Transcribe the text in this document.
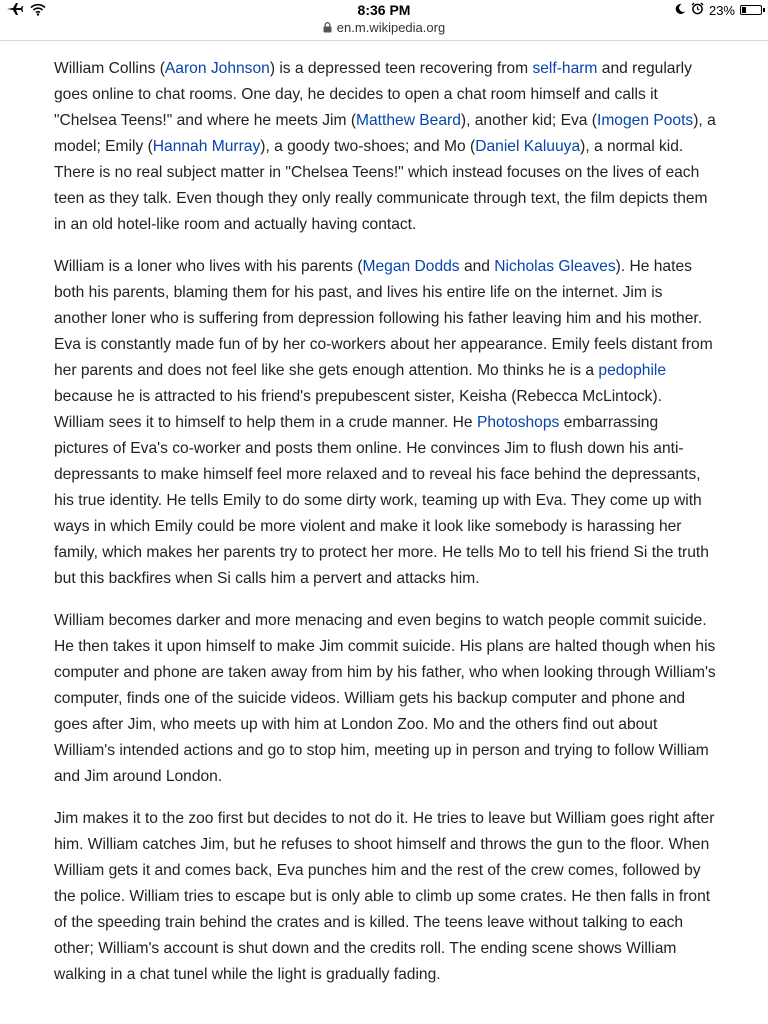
8:36 PM
en.m.wikipedia.org
23%

William Collins (Aaron Johnson) is a depressed teen recovering from self-harm and regularly goes online to chat rooms. One day, he decides to open a chat room himself and calls it "Chelsea Teens!" and where he meets Jim (Matthew Beard), another kid; Eva (Imogen Poots), a model; Emily (Hannah Murray), a goody two-shoes; and Mo (Daniel Kaluuya), a normal kid. There is no real subject matter in "Chelsea Teens!" which instead focuses on the lives of each teen as they talk. Even though they only really communicate through text, the film depicts them in an old hotel-like room and actually having contact.

William is a loner who lives with his parents (Megan Dodds and Nicholas Gleaves). He hates both his parents, blaming them for his past, and lives his entire life on the internet. Jim is another loner who is suffering from depression following his father leaving him and his mother. Eva is constantly made fun of by her co-workers about her appearance. Emily feels distant from her parents and does not feel like she gets enough attention. Mo thinks he is a pedophile because he is attracted to his friend's prepubescent sister, Keisha (Rebecca McLintock). William sees it to himself to help them in a crude manner. He Photoshops embarrassing pictures of Eva's co-worker and posts them online. He convinces Jim to flush down his anti-depressants to make himself feel more relaxed and to reveal his face behind the depressants, his true identity. He tells Emily to do some dirty work, teaming up with Eva. They come up with ways in which Emily could be more violent and make it look like somebody is harassing her family, which makes her parents try to protect her more. He tells Mo to tell his friend Si the truth but this backfires when Si calls him a pervert and attacks him.

William becomes darker and more menacing and even begins to watch people commit suicide. He then takes it upon himself to make Jim commit suicide. His plans are halted though when his computer and phone are taken away from him by his father, who when looking through William's computer, finds one of the suicide videos. William gets his backup computer and phone and goes after Jim, who meets up with him at London Zoo. Mo and the others find out about William's intended actions and go to stop him, meeting up in person and trying to follow William and Jim around London.

Jim makes it to the zoo first but decides to not do it. He tries to leave but William goes right after him. William catches Jim, but he refuses to shoot himself and throws the gun to the floor. When William gets it and comes back, Eva punches him and the rest of the crew comes, followed by the police. William tries to escape but is only able to climb up some crates. He then falls in front of the speeding train behind the crates and is killed. The teens leave without talking to each other; William's account is shut down and the credits roll. The ending scene shows William walking in a chat tunel while the light is gradually fading.
